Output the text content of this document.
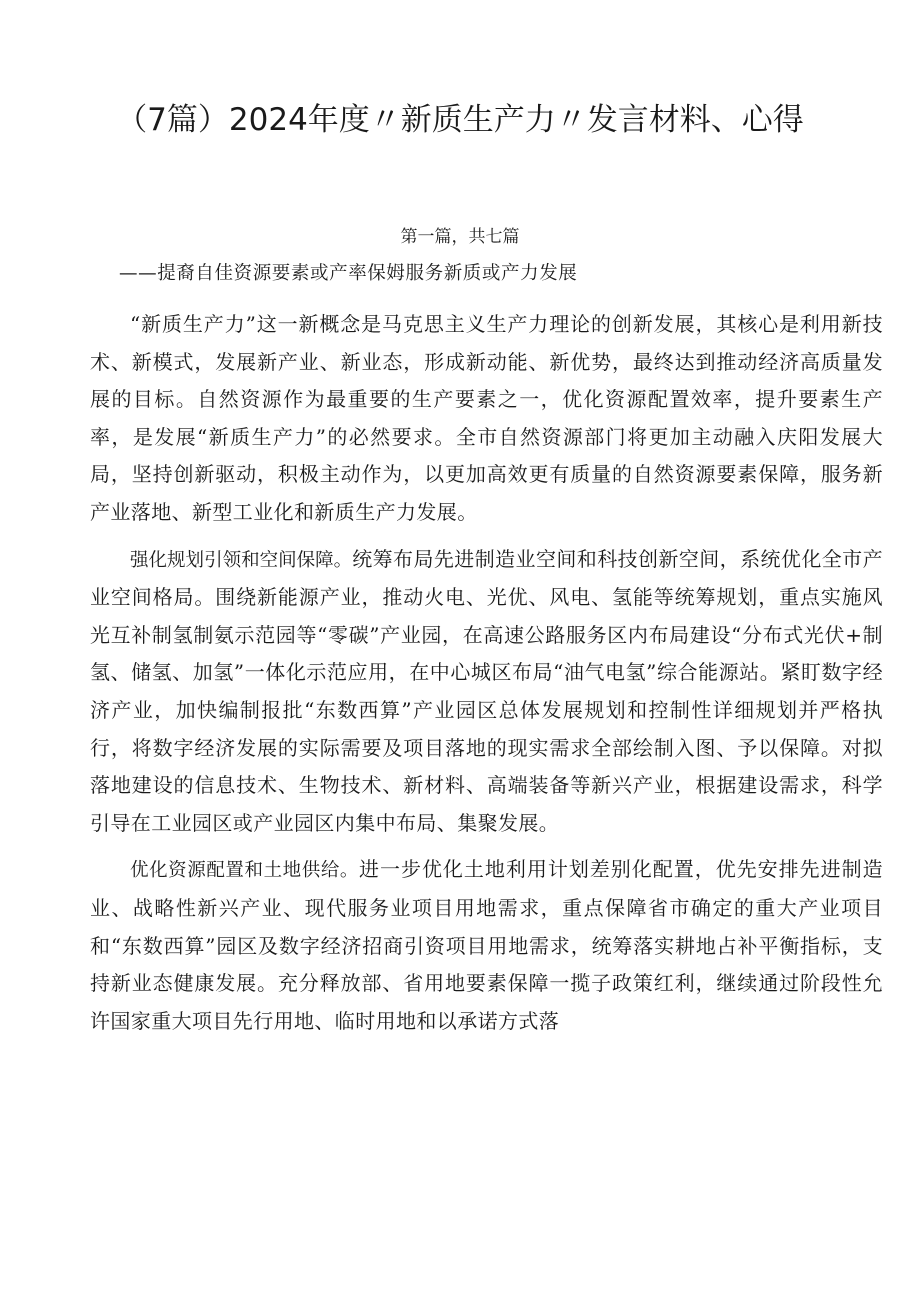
（7篇）2024年度〃新质生产力〃发言材料、心得
第一篇，共七篇
——提裔自佳资源要素或产率保姆服务新质或产力发展

“新质生产力”这一新概念是马克思主义生产力理论的创新发展，其核心是利用新技术、新模式，发展新产业、新业态，形成新动能、新优势，最终达到推动经济高质量发展的目标。自然资源作为最重要的生产要素之一，优化资源配置效率，提升要素生产率，是发展“新质生产力”的必然要求。全市自然资源部门将更加主动融入庆阳发展大局，坚持创新驱动，积极主动作为，以更加高效更有质量的自然资源要素保障，服务新产业落地、新型工业化和新质生产力发展。

强化规划引领和空间保障。统筹布局先进制造业空间和科技创新空间，系统优化全市产业空间格局。围绕新能源产业，推动火电、光优、风电、氢能等统筹规划，重点实施风光互补制氢制氨示范园等“零碳”产业园，在高速公路服务区内布局建设“分布式光伏+制氢、储氢、加氢”一体化示范应用，在中心城区布局“油气电氢”综合能源站。紧盯数字经济产业，加快编制报批“东数西算”产业园区总体发展规划和控制性详细规划并严格执行，将数字经济发展的实际需要及项目落地的现实需求全部绘制入图、予以保障。对拟落地建设的信息技术、生物技术、新材料、高端装备等新兴产业，根据建设需求，科学引导在工业园区或产业园区内集中布局、集聚发展。

优化资源配置和土地供给。进一步优化土地利用计划差别化配置，优先安排先进制造业、战略性新兴产业、现代服务业项目用地需求，重点保障省市确定的重大产业项目和“东数西算”园区及数字经济招商引资项目用地需求，统筹落实耕地占补平衡指标，支持新业态健康发展。充分释放部、省用地要素保障一揽子政策红利，继续通过阶段性允许国家重大项目先行用地、临时用地和以承诺方式落
